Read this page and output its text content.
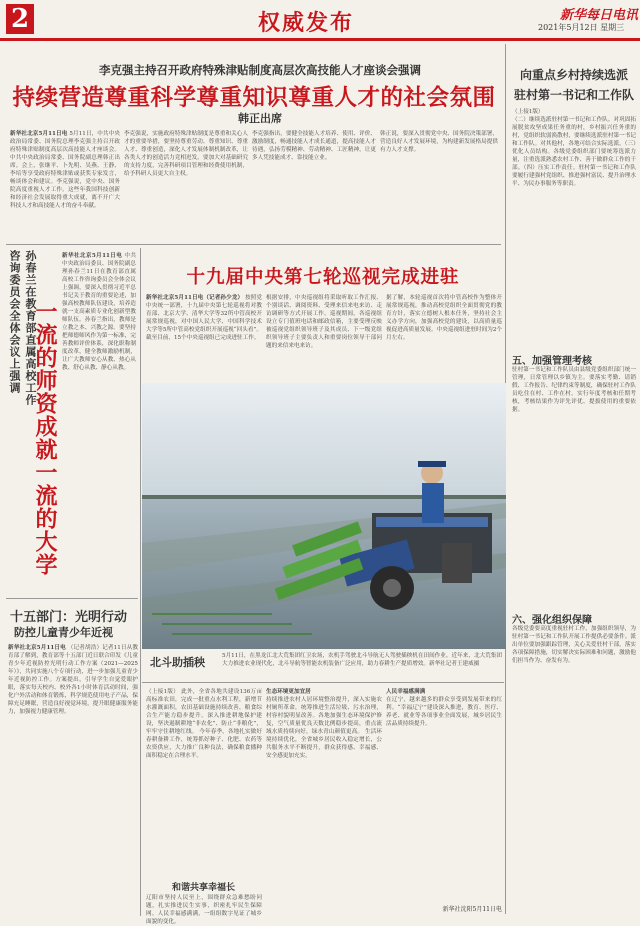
2	权威发布	新华每日电讯
2021年5月12日 星期三
李克强主持召开政府特殊津贴制度高层次高技能人才座谈会强调
持续营造尊重科学尊重知识尊重人才的社会氛围
韩正出席
新华社北京5月11日电 5月11日，中共中央政治局常委、国务院总理李克强主持召开政府特殊津贴制度高层次高技能人才座谈会。中共中央政治局常委、国务院副总理韩正出席。会上，张继平、卜先明、吴燕、王静、李培等享受政府特殊津贴或获奖专家发言，畅谈体会和建议。李克强说，党中央、国务院高度重视人才工作。这些年我国科技创新和经济社会发展取得重大成就，离不开广大科技人才和高技能人才的奋斗奉献。
李克强说，实施政府特殊津贴制度是尊重和关心人才的重要举措，要坚持尊重劳动、尊重知识、尊重人才、尊重创造，深化人才发展体制机制改革，让各类人才的创造活力竞相迸发。要加大对基础研究的支持力度，完善科研项目管理和经费使用机制，给予科研人员更大自主权。
李克强指出，要健全技能人才培养、使用、评价、激励制度，畅通技能人才成长通道，提高技能人才待遇，弘扬劳模精神、劳动精神、工匠精神，让更多人凭技能成才、靠技能立业。
韩正说，要深入贯彻党中央、国务院决策部署，营造良好人才发展环境，为构建新发展格局提供有力人才支撑。
向重点乡村持续选派
驻村第一书记和工作队
（上接1版）
（二）继续选派驻村第一书记和工作队。对巩固拓展脱贫攻坚成果任务重的村，乡村振兴任务重的村，党组织软弱涣散村，要继续选派驻村第一书记和工作队。对其他村，各地可结合实际选派。（三）优化人员结构。各级党委组织部门要统筹选派力量，注重选派熟悉农村工作、善于做群众工作的干部。（四）压实工作责任。驻村第一书记和工作队要履行建强村党组织、推进强村富民、提升治理水平、为民办事服务等职责。
五、加强管理考核
驻村第一书记和工作队员由县级党委组织部门统一管理，日常管理以乡镇为主。要落实考勤、请销假、工作报告、纪律约束等制度，确保驻村工作队员吃住在村、工作在村。实行年度考核和任期考核，考核结果作为评先评优、提拔使用的重要依据。
六、强化组织保障
各级党委要高度重视驻村工作，加强组织领导，为驻村第一书记和工作队开展工作提供必要条件。派出单位要加强跟踪管理，关心关爱驻村干部，落实各项保障措施，切实解决实际困难和问题，激励他们担当作为、奋发有为。
孙春兰在教育部直属高校工作咨询委员会全体会议上强调 一流的师资成就一流的大学
新华社北京5月11日电 中共中央政治局委员、国务院副总理孙春兰11日在教育部直属高校工作咨询委员会全体会议上强调，要深入贯彻习近平总书记关于教育的重要论述，加强高校教师队伍建设，培养造就一支高素质专业化创新型教师队伍。孙春兰指出，教师是立教之本、兴教之源。要坚持把师德师风作为第一标准，完善教师评价体系，深化职称制度改革，健全教师激励机制，让广大教师安心从教、热心从教、舒心从教、静心从教。
十五部门：光明行动
防控儿童青少年近视
新华社北京5月11日电 （记者胡浩）记者11日从教育部了解到，教育部等十五部门近日联合印发《儿童青少年近视防控光明行动工作方案（2021—2025年）》，共同实施八个专项行动，进一步加强儿童青少年近视防控工作。方案提出，引导学生自觉爱眼护眼，落实每天校内、校外各1小时体育活动时间，强化户外活动和体育锻炼，科学规范使用电子产品，保障充足睡眠，营造良好视觉环境，提升眼健康服务能力，加强视力健康管理。
十九届中央第七轮巡视完成进驻
新华社北京5月11日电（记者孙少龙） 按照党中央统一部署，十九届中央第七轮巡视将对教育部、北京大学、清华大学等32所中管高校开展常规巡视，对中国人民大学、中国科学技术大学等5所中管高校党组织开展巡视“回头看”。截至目前，15个中央巡视组已完成进驻工作。
根据安排，中央巡视组将采取听取工作汇报、个别谈话、调阅资料、受理来信来电来访、走访调研等方式开展工作。巡视期间，各巡视组设立专门值班电话和邮政信箱，主要受理反映被巡视党组织领导班子及其成员、下一级党组织领导班子主要负责人和重要岗位领导干部问题的来信来电来访。
据了解，本轮巡视首次将中管高校作为整体开展常规巡视，推动高校党组织全面贯彻党的教育方针，落实立德树人根本任务，坚持社会主义办学方向，加强高校党的建设，以高质量巡视促进高质量发展。中央巡视组进驻时间为2个月左右。
北斗助插秧	5月11日，在黑龙江北大荒集团红卫农场，农机手驾驶北斗导航无人驾驶插秧机在田间作业。近年来，北大荒集团大力推进农业现代化，北斗导航等智能农机装备广泛应用，助力春耕生产提质增效。新华社记者王建威摄
（上接1版） 此外，全省各地共建设136万亩高标准农田，完成一批重点水利工程，新增节水灌溉面积，农田基础设施持续改善，粮食综合生产能力稳步提升。深入推进耕地保护建设，坚决遏制耕地“非农化”、防止“非粮化”，牢牢守住耕地红线。 今年春季，各地扎实做好春耕备耕工作，统筹抓好种子、化肥、农药等农资供应，大力推广良种良法，确保粮食播种面积稳定在合理水平。
和谐共享幸福长
辽阳市坚持人民至上，围绕群众急难愁盼问题，扎实推进民生实事，织密扎牢民生保障网。人民幸福感满满，一组组数字见证了城乡面貌的变化。
生态环境更加宜居
持续推进农村人居环境整治提升，深入实施农村厕所革命，统筹推进生活垃圾、污水治理，村容村貌明显改善。各地加强生态环境保护修复，空气质量优良天数比例稳步提高，重点流域水质持续向好，绿水青山颜值更高。 生活环境持续优化，全省城乡居民收入稳定增长，公共服务水平不断提升，群众获得感、幸福感、安全感更加充实。
人民幸福感满满
在辽宁，越来越多的群众享受到发展带来的红利。“幸福辽宁”建设深入推进，教育、医疗、养老、就业等各项事业全面发展，城乡居民生活品质持续提升。
新华社沈阳5月11日电
